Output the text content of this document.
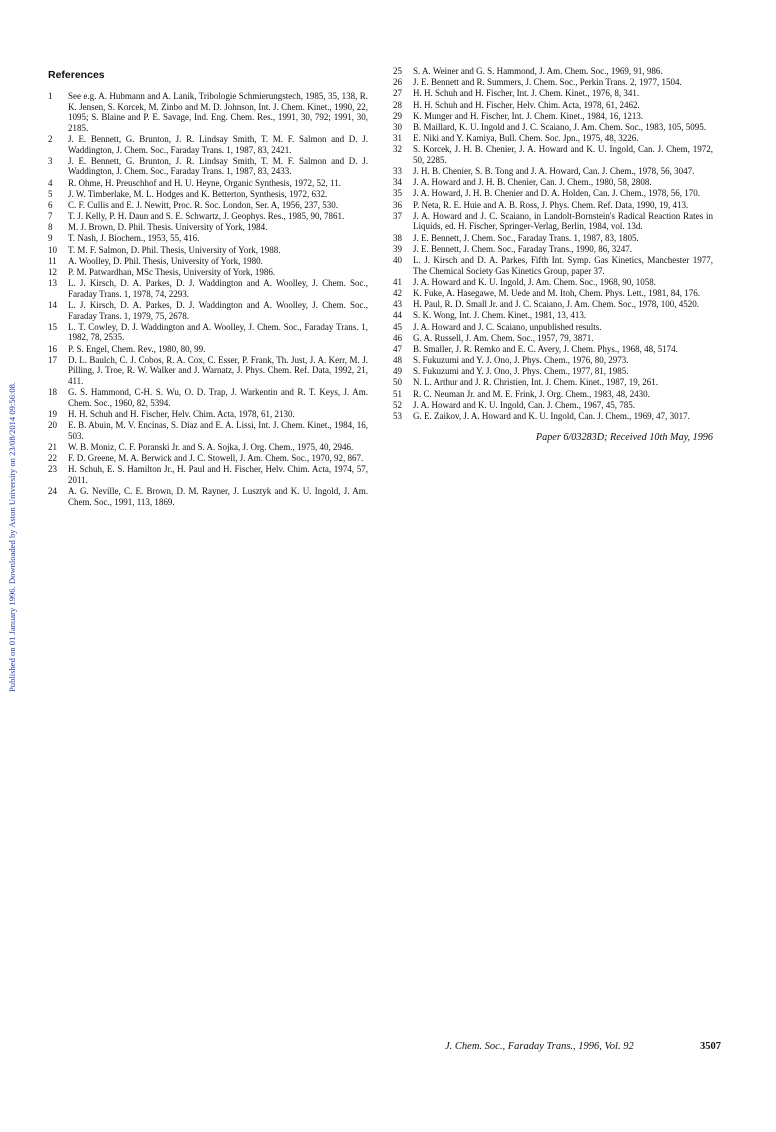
Published on 01 January 1996. Downloaded by Aston University on 23/08/2014 09:56:08.
References
1	See e.g. A. Hubmann and A. Lanik, Tribologie Schmierungstech, 1985, 35, 138, R. K. Jensen, S. Korcek, M. Zinbo and M. D. Johnson, Int. J. Chem. Kinet., 1990, 22, 1095; S. Blaine and P. E. Savage, Ind. Eng. Chem. Res., 1991, 30, 792; 1991, 30, 2185.
2	J. E. Bennett, G. Brunton, J. R. Lindsay Smith, T. M. F. Salmon and D. J. Waddington, J. Chem. Soc., Faraday Trans. 1, 1987, 83, 2421.
3	J. E. Bennett, G. Brunton, J. R. Lindsay Smith, T. M. F. Salmon and D. J. Waddington, J. Chem. Soc., Faraday Trans. 1, 1987, 83, 2433.
4	R. Ohme, H. Preuschhof and H. U. Heyne, Organic Synthesis, 1972, 52, 11.
5	J. W. Timberlake, M. L. Hodges and K. Betterton, Synthesis, 1972, 632.
6	C. F. Cullis and E. J. Newitt, Proc. R. Soc. London, Ser. A, 1956, 237, 530.
7	T. J. Kelly, P. H. Daun and S. E. Schwartz, J. Geophys. Res., 1985, 90, 7861.
8	M. J. Brown, D. Phil. Thesis. University of York, 1984.
9	T. Nash, J. Biochem., 1953, 55, 416.
10	T. M. F. Salmon, D. Phil. Thesis, University of York, 1988.
11	A. Woolley, D. Phil. Thesis, University of York, 1980.
12	P. M. Patwardhan, MSc Thesis, University of York, 1986.
13	L. J. Kirsch, D. A. Parkes, D. J. Waddington and A. Woolley, J. Chem. Soc., Faraday Trans. 1, 1978, 74, 2293.
14	L. J. Kirsch, D. A. Parkes, D. J. Waddington and A. Woolley, J. Chem. Soc., Faraday Trans. 1, 1979, 75, 2678.
15	L. T. Cowley, D. J. Waddington and A. Woolley, J. Chem. Soc., Faraday Trans. 1, 1982, 78, 2535.
16	P. S. Engel, Chem. Rev., 1980, 80, 99.
17	D. L. Baulch, C. J. Cobos, R. A. Cox, C. Esser, P. Frank, Th. Just, J. A. Kerr, M. J. Pilling, J. Troe, R. W. Walker and J. Warnatz, J. Phys. Chem. Ref. Data, 1992, 21, 411.
18	G. S. Hammond, C-H. S. Wu, O. D. Trap, J. Warkentin and R. T. Keys, J. Am. Chem. Soc., 1960, 82, 5394.
19	H. H. Schuh and H. Fischer, Helv. Chim. Acta, 1978, 61, 2130.
20	E. B. Abuin, M. V. Encinas, S. Diaz and E. A. Lissi, Int. J. Chem. Kinet., 1984, 16, 503.
21	W. B. Moniz, C. F. Poranski Jr. and S. A. Sojka, J. Org. Chem., 1975, 40, 2946.
22	F. D. Greene, M. A. Berwick and J. C. Stowell, J. Am. Chem. Soc., 1970, 92, 867.
23	H. Schuh, E. S. Hamilton Jr., H. Paul and H. Fischer, Helv. Chim. Acta, 1974, 57, 2011.
24	A. G. Neville, C. E. Brown, D. M. Rayner, J. Lusztyk and K. U. Ingold, J. Am. Chem. Soc., 1991, 113, 1869.
25	S. A. Weiner and G. S. Hammond, J. Am. Chem. Soc., 1969, 91, 986.
26	J. E. Bennett and R. Summers, J. Chem. Soc., Perkin Trans. 2, 1977, 1504.
27	H. H. Schuh and H. Fischer, Int. J. Chem. Kinet., 1976, 8, 341.
28	H. H. Schuh and H. Fischer, Helv. Chim. Acta, 1978, 61, 2462.
29	K. Munger and H. Fischer, Int. J. Chem. Kinet., 1984, 16, 1213.
30	B. Maillard, K. U. Ingold and J. C. Scaiano, J. Am. Chem. Soc., 1983, 105, 5095.
31	E. Niki and Y. Kamiya, Bull. Chem. Soc. Jpn., 1975, 48, 3226.
32	S. Korcek, J. H. B. Chenier, J. A. Howard and K. U. Ingold, Can. J. Chem, 1972, 50, 2285.
33	J. H. B. Chenier, S. B. Tong and J. A. Howard, Can. J. Chem., 1978, 56, 3047.
34	J. A. Howard and J. H. B. Chenier, Can. J. Chem., 1980, 58, 2808.
35	J. A. Howard, J. H. B. Chenier and D. A. Holden, Can. J. Chem., 1978, 56, 170.
36	P. Neta, R. E. Huie and A. B. Ross, J. Phys. Chem. Ref. Data, 1990, 19, 413.
37	J. A. Howard and J. C. Scaiano, in Landolt-Bornstein's Radical Reaction Rates in Liquids, ed. H. Fischer, Springer-Verlag, Berlin, 1984, vol. 13d.
38	J. E. Bennett, J. Chem. Soc., Faraday Trans. 1, 1987, 83, 1805.
39	J. E. Bennett, J. Chem. Soc., Faraday Trans., 1990, 86, 3247.
40	L. J. Kirsch and D. A. Parkes, Fifth Int. Symp. Gas Kinetics, Manchester 1977, The Chemical Society Gas Kinetics Group, paper 37.
41	J. A. Howard and K. U. Ingold, J. Am. Chem. Soc., 1968, 90, 1058.
42	K. Fuke, A. Hasegawe, M. Uede and M. Itoh, Chem. Phys. Lett., 1981, 84, 176.
43	H. Paul, R. D. Small Jr. and J. C. Scaiano, J. Am. Chem. Soc., 1978, 100, 4520.
44	S. K. Wong, Int. J. Chem. Kinet., 1981, 13, 413.
45	J. A. Howard and J. C. Scaiano, unpublished results.
46	G. A. Russell, J. Am. Chem. Soc., 1957, 79, 3871.
47	B. Smaller, J. R. Remko and E. C. Avery, J. Chem. Phys., 1968, 48, 5174.
48	S. Fukuzumi and Y. J. Ono, J. Phys. Chem., 1976, 80, 2973.
49	S. Fukuzumi and Y. J. Ono, J. Phys. Chem., 1977, 81, 1985.
50	N. L. Arthur and J. R. Christien, Int. J. Chem. Kinet., 1987, 19, 261.
51	R. C. Neuman Jr. and M. E. Frink, J. Org. Chem., 1983, 48, 2430.
52	J. A. Howard and K. U. Ingold, Can. J. Chem., 1967, 45, 785.
53	G. E. Zaikov, J. A. Howard and K. U. Ingold, Can. J. Chem., 1969, 47, 3017.
Paper 6/03283D; Received 10th May, 1996
J. Chem. Soc., Faraday Trans., 1996, Vol. 92	3507
